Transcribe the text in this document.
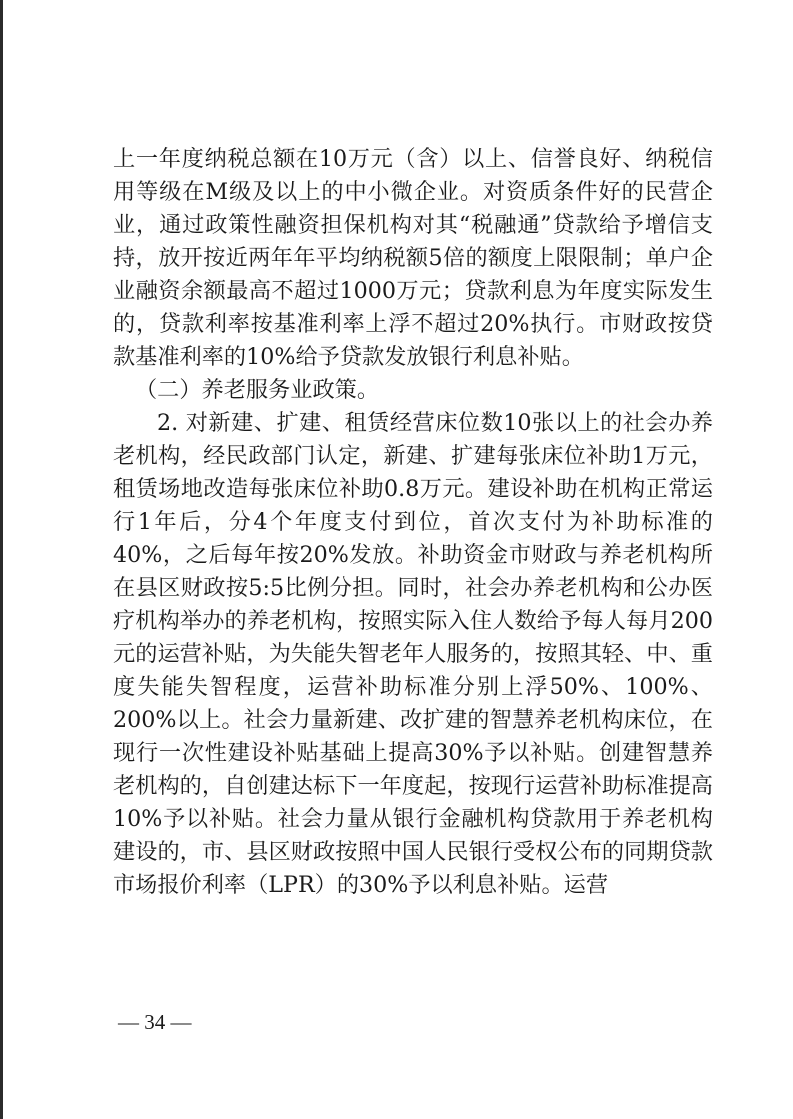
上一年度纳税总额在10万元（含）以上、信誉良好、纳税信用等级在M级及以上的中小微企业。对资质条件好的民营企业，通过政策性融资担保机构对其“税融通”贷款给予增信支持，放开按近两年年平均纳税额5倍的额度上限限制；单户企业融资余额最高不超过1000万元；贷款利息为年度实际发生的，贷款利率按基准利率上浮不超过20%执行。市财政按贷款基准利率的10%给予贷款发放银行利息补贴。

（二）养老服务业政策。

2. 对新建、扩建、租赁经营床位数10张以上的社会办养老机构，经民政部门认定，新建、扩建每张床位补助1万元，租赁场地改造每张床位补助0.8万元。建设补助在机构正常运行1年后，分4个年度支付到位，首次支付为补助标准的40%，之后每年按20%发放。补助资金市财政与养老机构所在县区财政按5:5比例分担。同时，社会办养老机构和公办医疗机构举办的养老机构，按照实际入住人数给予每人每月200元的运营补贴，为失能失智老年人服务的，按照其轻、中、重度失能失智程度，运营补助标准分别上浮50%、100%、200%以上。社会力量新建、改扩建的智慧养老机构床位，在现行一次性建设补贴基础上提高30%予以补贴。创建智慧养老机构的，自创建达标下一年度起，按现行运营补助标准提高10%予以补贴。社会力量从银行金融机构贷款用于养老机构建设的，市、县区财政按照中国人民银行受权公布的同期贷款市场报价利率（LPR）的30%予以利息补贴。运营

— 34 —
